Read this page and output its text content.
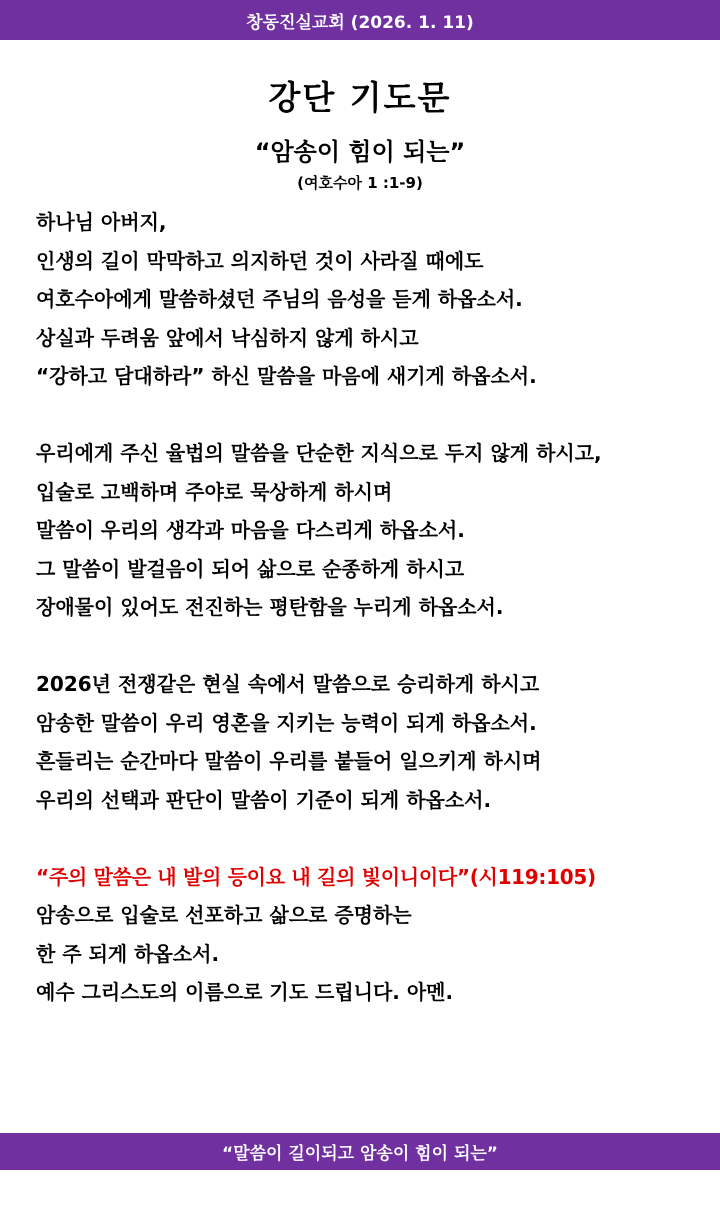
창동진실교회 (2026. 1. 11)
강단 기도문
“암송이 힘이 되는”
(여호수아 1 :1-9)
하나님 아버지,
인생의 길이 막막하고 의지하던 것이 사라질 때에도
여호수아에게 말씀하셨던 주님의 음성을 듣게 하옵소서.
상실과 두려움 앞에서 낙심하지 않게 하시고
“강하고 담대하라” 하신 말씀을 마음에 새기게 하옵소서.
우리에게 주신 율법의 말씀을 단순한 지식으로 두지 않게 하시고,
입술로 고백하며 주야로 묵상하게 하시며
말씀이 우리의 생각과 마음을 다스리게 하옵소서.
그 말씀이 발걸음이 되어 삶으로 순종하게 하시고
장애물이 있어도 전진하는 평탄함을 누리게 하옵소서.
2026년 전쟁같은 현실 속에서 말씀으로 승리하게 하시고
암송한 말씀이 우리 영혼을 지키는 능력이 되게 하옵소서.
흔들리는 순간마다 말씀이 우리를 붙들어 일으키게 하시며
우리의 선택과 판단이 말씀이 기준이 되게 하옵소서.
“주의 말씀은 내 발의 등이요 내 길의 빛이니이다”(시119:105)
암송으로 입술로 선포하고 삶으로 증명하는
한 주 되게 하옵소서.
예수 그리스도의 이름으로 기도 드립니다. 아멘.
“말씀이 길이되고 암송이 힘이 되는”
